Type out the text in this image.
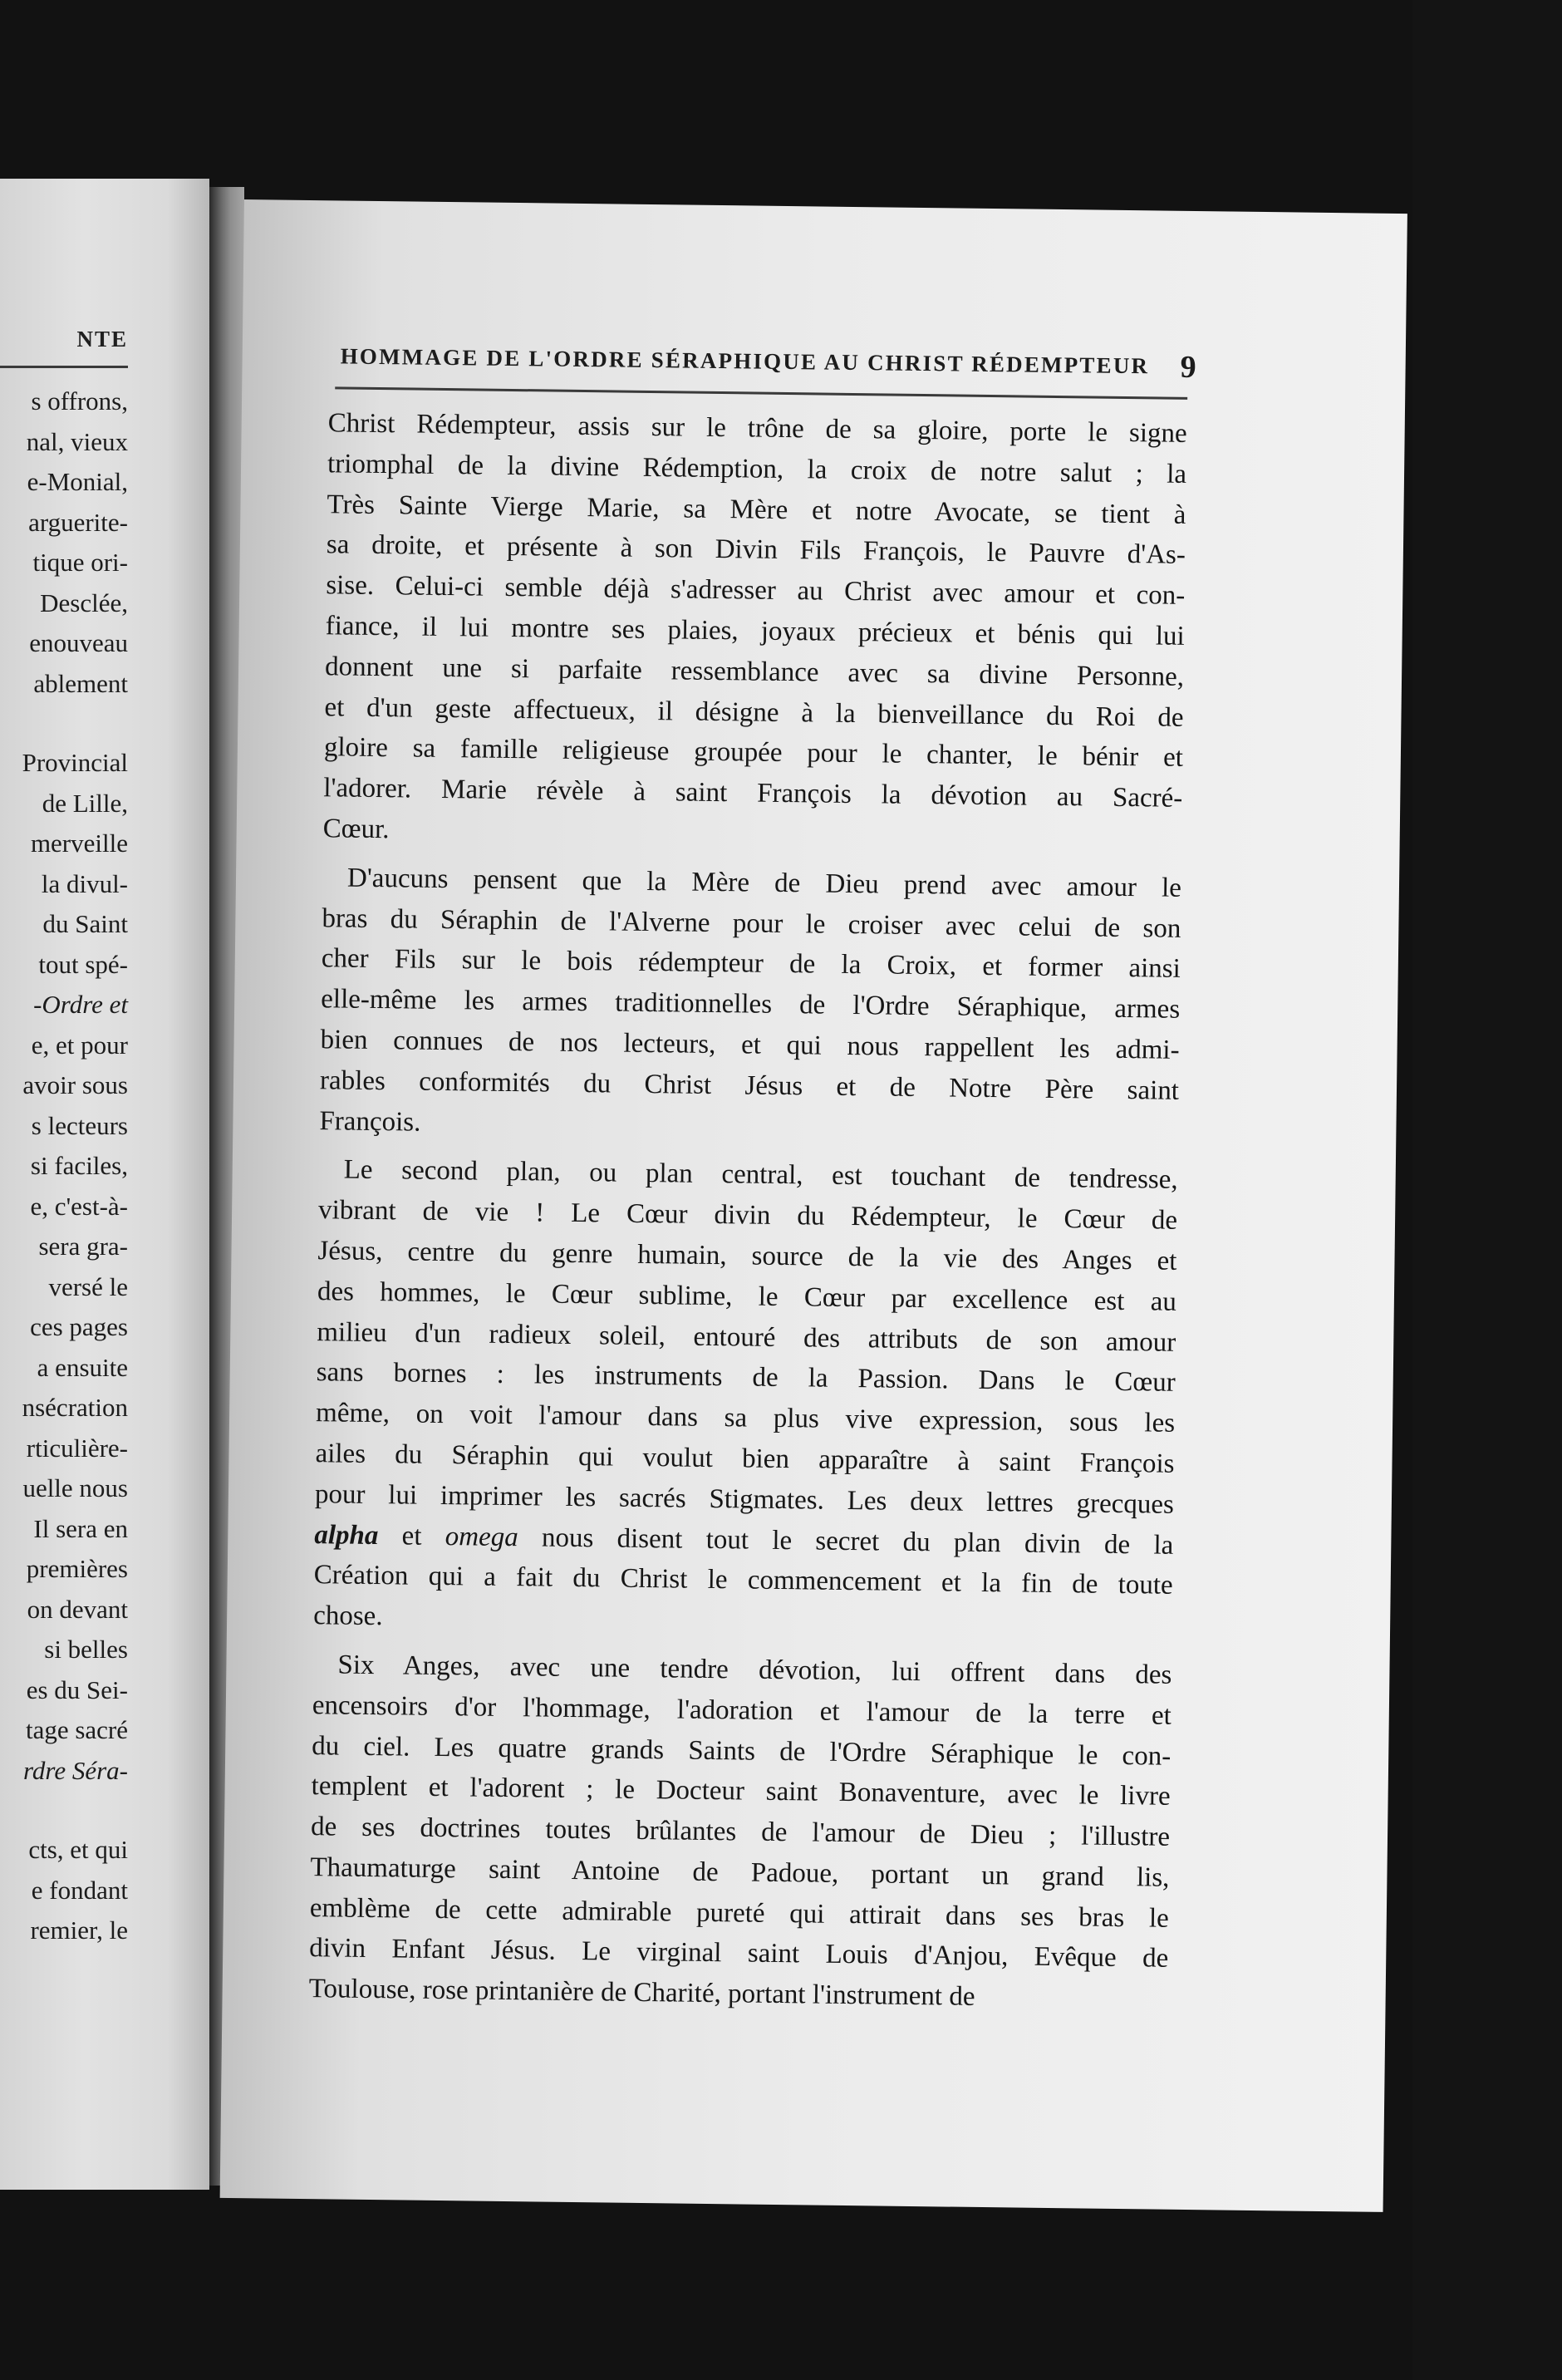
NTE
s offrons,
nal, vieux
e-Monial,
arguerite-
tique ori-
Desclée,
enouveau
ablement
Provincial
de Lille,
merveille
la divul-
du Saint
tout spé-
-Ordre et
e, et pour
avoir sous
s lecteurs
si faciles,
e, c'est-à-
sera gra-
versé le
ces pages
a ensuite
nsécration
rticulière-
uelle nous
Il sera en
premières
on devant
si belles
es du Sei-
tage sacré
rdre Séra-
cts, et qui
e fondant
remier, le
HOMMAGE DE L'ORDRE SÉRAPHIQUE AU CHRIST RÉDEMPTEUR 9
Christ Rédempteur, assis sur le trône de sa gloire, porte le signe
triomphal de la divine Rédemption, la croix de notre salut ; la
Très Sainte Vierge Marie, sa Mère et notre Avocate, se tient à
sa droite, et présente à son Divin Fils François, le Pauvre d'As-
sise. Celui-ci semble déjà s'adresser au Christ avec amour et con-
fiance, il lui montre ses plaies, joyaux précieux et bénis qui lui
donnent une si parfaite ressemblance avec sa divine Personne,
et d'un geste affectueux, il désigne à la bienveillance du Roi de
gloire sa famille religieuse groupée pour le chanter, le bénir et
l'adorer. Marie révèle à saint François la dévotion au Sacré-
Cœur.
D'aucuns pensent que la Mère de Dieu prend avec amour le
bras du Séraphin de l'Alverne pour le croiser avec celui de son
cher Fils sur le bois rédempteur de la Croix, et former ainsi
elle-même les armes traditionnelles de l'Ordre Séraphique, armes
bien connues de nos lecteurs, et qui nous rappellent les admi-
rables conformités du Christ Jésus et de Notre Père saint
François.
Le second plan, ou plan central, est touchant de tendresse,
vibrant de vie ! Le Cœur divin du Rédempteur, le Cœur de
Jésus, centre du genre humain, source de la vie des Anges et
des hommes, le Cœur sublime, le Cœur par excellence est au
milieu d'un radieux soleil, entouré des attributs de son amour
sans bornes : les instruments de la Passion. Dans le Cœur
même, on voit l'amour dans sa plus vive expression, sous les
ailes du Séraphin qui voulut bien apparaître à saint François
pour lui imprimer les sacrés Stigmates. Les deux lettres grecques
alpha et omega nous disent tout le secret du plan divin de la
Création qui a fait du Christ le commencement et la fin de toute
chose.
Six Anges, avec une tendre dévotion, lui offrent dans des
encensoirs d'or l'hommage, l'adoration et l'amour de la terre et
du ciel. Les quatre grands Saints de l'Ordre Séraphique le con-
templent et l'adorent ; le Docteur saint Bonaventure, avec le livre
de ses doctrines toutes brûlantes de l'amour de Dieu ; l'illustre
Thaumaturge saint Antoine de Padoue, portant un grand lis,
emblème de cette admirable pureté qui attirait dans ses bras le
divin Enfant Jésus. Le virginal saint Louis d'Anjou, Evêque de
Toulouse, rose printanière de Charité, portant l'instrument de
